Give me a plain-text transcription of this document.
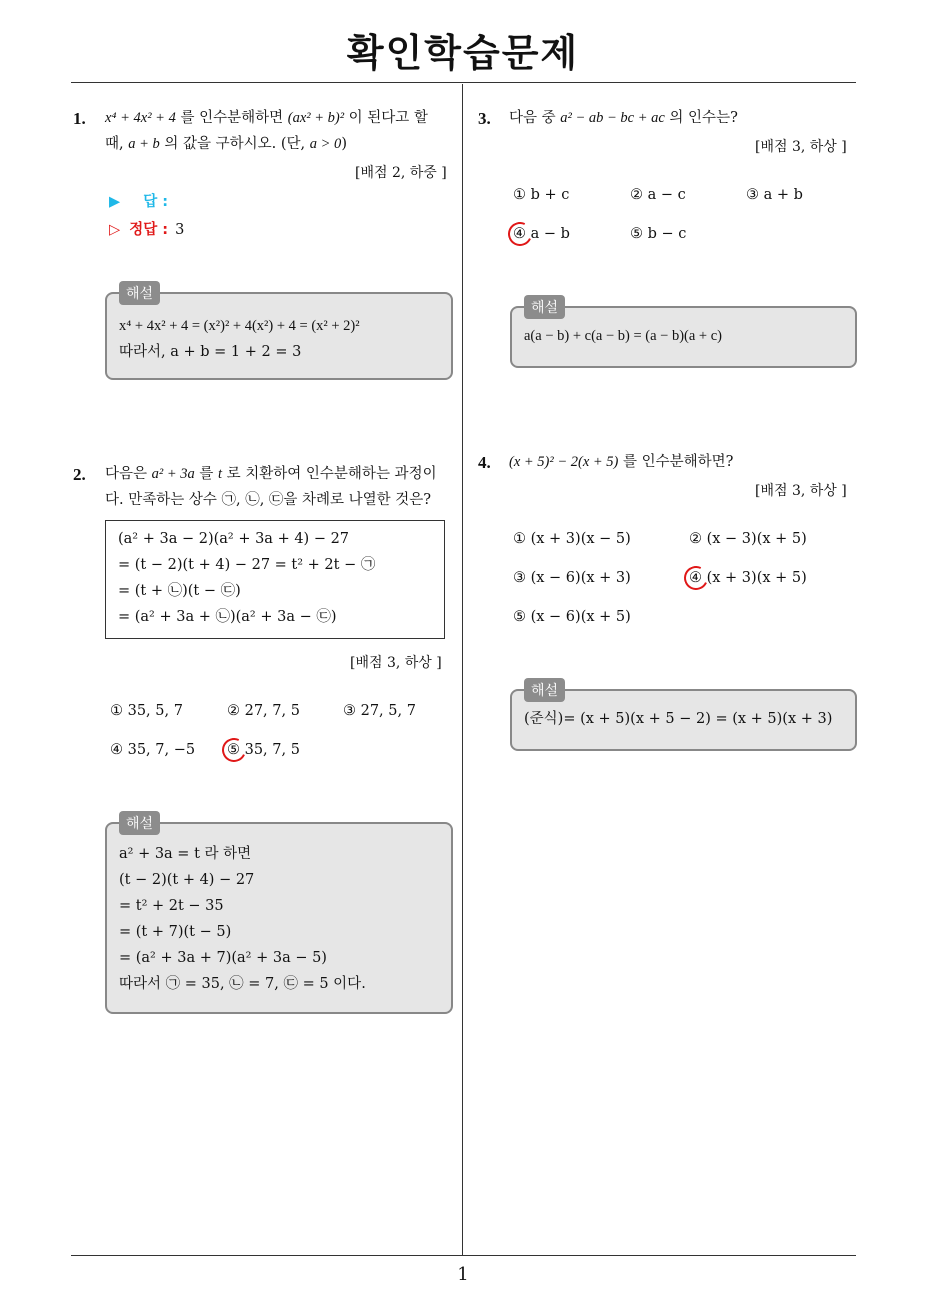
확인학습문제
1
1. x⁴ + 4x² + 4 를 인수분해하면 (ax² + b)² 이 된다고 할
때, a + b 의 값을 구하시오. (단, a > 0)
[배점 2, 하중 ]
▶ 답 :
▷ 정답 : 3
x⁴ + 4x² + 4 = (x²)² + 4(x²) + 4 = (x² + 2)²
따라서, a + b = 1 + 2 = 3
해설
2. 다음은 a² + 3a 를 t 로 치환하여 인수분해하는 과정이
다. 만족하는 상수 ㉠, ㉡, ㉢을 차례로 나열한 것은?
(a² + 3a − 2)(a² + 3a + 4) − 27
= (t − 2)(t + 4) − 27 = t² + 2t − ㉠
= (t + ㉡)(t − ㉢)
= (a² + 3a + ㉡)(a² + 3a − ㉢)
[배점 3, 하상 ]
① 35, 5, 7	② 27, 7, 5	③ 27, 5, 7
④ 35, 7, −5 ⑤ 35, 7, 5
a² + 3a = t 라 하면
(t − 2)(t + 4) − 27
= t² + 2t − 35
= (t + 7)(t − 5)
= (a² + 3a + 7)(a² + 3a − 5)
따라서 ㉠ = 35, ㉡ = 7, ㉢ = 5 이다.
해설
3. 다음 중 a² − ab − bc + ac 의 인수는?
[배점 3, 하상 ]
① b + c	② a − c	③ a + b
④ a − b	⑤ b − c
a(a − b) + c(a − b) = (a − b)(a + c)
해설
4. (x + 5)² − 2(x + 5) 를 인수분해하면?
[배점 3, 하상 ]
① (x + 3)(x − 5)	② (x − 3)(x + 5)
③ (x − 6)(x + 3)	④ (x + 3)(x + 5)
⑤ (x − 6)(x + 5)
(준식)= (x + 5)(x + 5 − 2) = (x + 5)(x + 3)
해설
